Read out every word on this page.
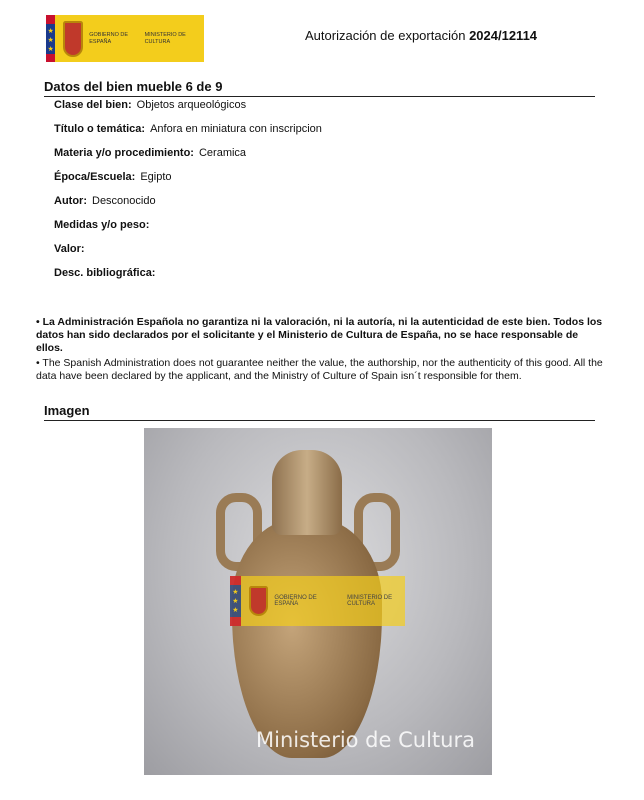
★
★
★
GOBIERNO DE ESPAÑA
MINISTERIO DE CULTURA	Autorización de exportación 2024/12114
Datos del bien mueble 6 de 9
Clase del bien: Objetos arqueológicos
Título o temática: Anfora en miniatura con inscripcion
Materia y/o procedimiento: Ceramica
Época/Escuela: Egipto
Autor: Desconocido
Medidas y/o peso:
Valor:
Desc. bibliográfica:
• La Administración Española no garantiza ni la valoración, ni la autoría, ni la autenticidad de este bien. Todos los datos han sido declarados por el solicitante y el Ministerio de Cultura de España, no se hace responsable de ellos.
• The Spanish Administration does not guarantee neither the value, the authorship, nor the authenticity of this good. All the data have been declared by the applicant, and the Ministry of Culture of Spain isn´t responsible for them.
Imagen
★
★
★
GOBIERNO DE ESPAÑA
MINISTERIO DE CULTURA
Ministerio de Cultura
